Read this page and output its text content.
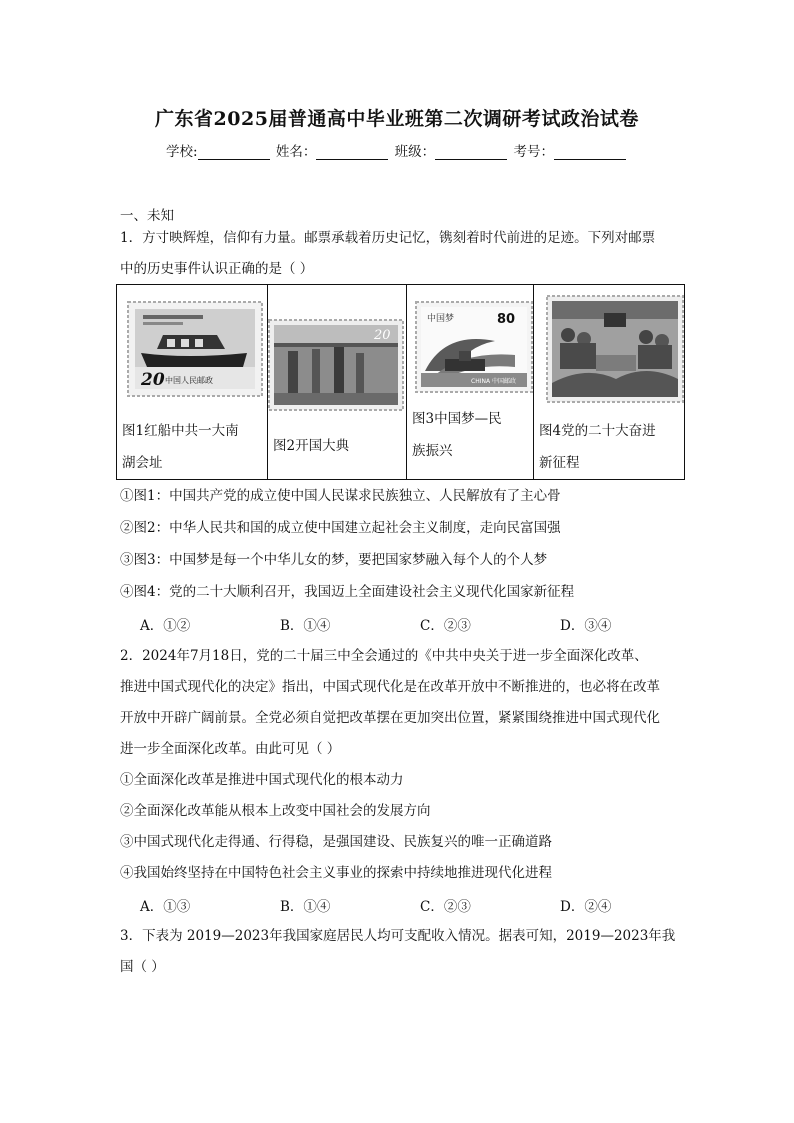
广东省2025届普通高中毕业班第二次调研考试政治试卷
学校:	姓名：	班级：	考号：
一、未知
1．方寸映辉煌，信仰有力量。邮票承载着历史记忆，镌刻着时代前进的足迹。下列对邮票
中的历史事件认识正确的是（ ）
20 中国人民邮政
图1红船中共一大南
湖会址

20
图2开国大典

中国梦	80
CHINA 中国邮政
图3中国梦—民
族振兴

图4党的二十大奋进
新征程
①图1：中国共产党的成立使中国人民谋求民族独立、人民解放有了主心骨
②图2：中华人民共和国的成立使中国建立起社会主义制度，走向民富国强
③图3：中国梦是每一个中华儿女的梦，要把国家梦融入每个人的个人梦
④图4：党的二十大顺利召开，我国迈上全面建设社会主义现代化国家新征程
A．①②	B．①④	C．②③	D．③④
2．2024年7月18日，党的二十届三中全会通过的《中共中央关于进一步全面深化改革、
推进中国式现代化的决定》指出，中国式现代化是在改革开放中不断推进的，也必将在改革
开放中开辟广阔前景。全党必须自觉把改革摆在更加突出位置，紧紧围绕推进中国式现代化
进一步全面深化改革。由此可见（ ）
①全面深化改革是推进中国式现代化的根本动力
②全面深化改革能从根本上改变中国社会的发展方向
③中国式现代化走得通、行得稳，是强国建设、民族复兴的唯一正确道路
④我国始终坚持在中国特色社会主义事业的探索中持续地推进现代化进程
A．①③	B．①④	C．②③	D．②④
3．下表为 2019—2023年我国家庭居民人均可支配收入情况。据表可知，2019—2023年我
国（ ）
